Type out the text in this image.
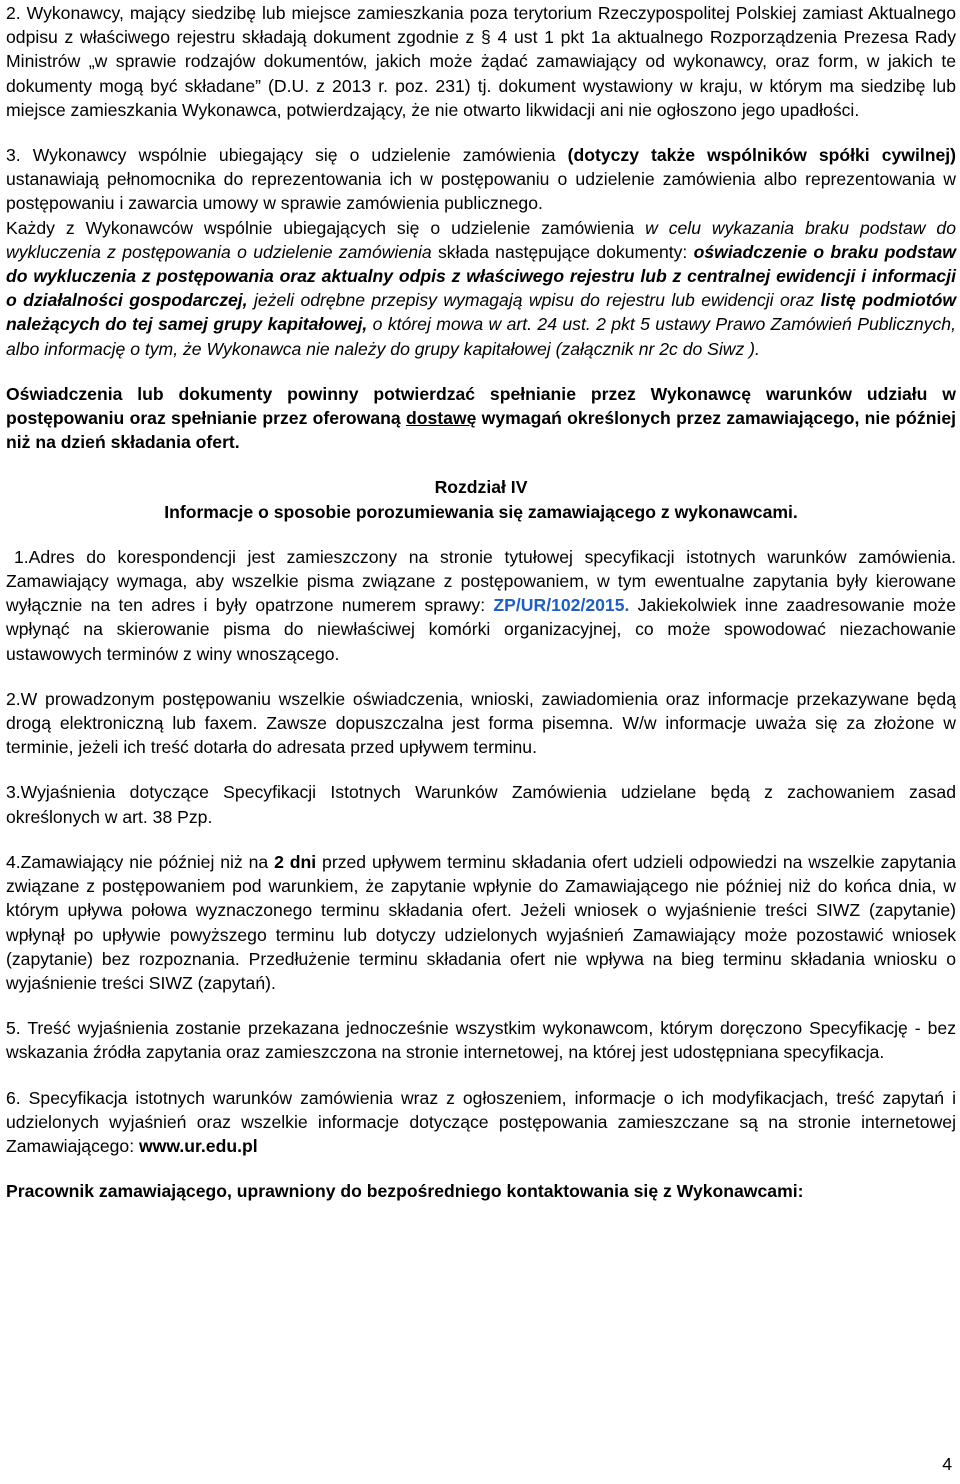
2. Wykonawcy, mający siedzibę lub miejsce zamieszkania poza terytorium Rzeczypospolitej Polskiej zamiast Aktualnego odpisu z właściwego rejestru składają dokument zgodnie z § 4 ust 1 pkt 1a aktualnego Rozporządzenia Prezesa Rady Ministrów „w sprawie rodzajów dokumentów, jakich może żądać zamawiający od wykonawcy, oraz form, w jakich te dokumenty mogą być składane” (D.U. z 2013 r. poz. 231) tj. dokument wystawiony w kraju, w którym ma siedzibę lub miejsce zamieszkania Wykonawca, potwierdzający, że nie otwarto likwidacji ani nie ogłoszono jego upadłości.

3. Wykonawcy wspólnie ubiegający się o udzielenie zamówienia (dotyczy także wspólników spółki cywilnej) ustanawiają pełnomocnika do reprezentowania ich w postępowaniu o udzielenie zamówienia albo reprezentowania w postępowaniu i zawarcia umowy w sprawie zamówienia publicznego.

Każdy z Wykonawców wspólnie ubiegających się o udzielenie zamówienia w celu wykazania braku podstaw do wykluczenia z postępowania o udzielenie zamówienia składa następujące dokumenty: oświadczenie o braku podstaw do wykluczenia z postępowania oraz aktualny odpis z właściwego rejestru lub z centralnej ewidencji i informacji o działalności gospodarczej, jeżeli odrębne przepisy wymagają wpisu do rejestru lub ewidencji oraz listę podmiotów należących do tej samej grupy kapitałowej, o której mowa w art. 24 ust. 2 pkt 5 ustawy Prawo Zamówień Publicznych, albo informację o tym, że Wykonawca nie należy do grupy kapitałowej (załącznik nr 2c do Siwz ).

Oświadczenia lub dokumenty powinny potwierdzać spełnianie przez Wykonawcę warunków udziału w postępowaniu oraz spełnianie przez oferowaną dostawę wymagań określonych przez zamawiającego, nie później niż na dzień składania ofert.

Rozdział IV

Informacje o sposobie porozumiewania się zamawiającego z wykonawcami.

1.Adres do korespondencji jest zamieszczony na stronie tytułowej specyfikacji istotnych warunków zamówienia. Zamawiający wymaga, aby wszelkie pisma związane z postępowaniem, w tym ewentualne zapytania były kierowane wyłącznie na ten adres i były opatrzone numerem sprawy: ZP/UR/102/2015. Jakiekolwiek inne zaadresowanie może wpłynąć na skierowanie pisma do niewłaściwej komórki organizacyjnej, co może spowodować niezachowanie ustawowych terminów z winy wnoszącego.

2.W prowadzonym postępowaniu wszelkie oświadczenia, wnioski, zawiadomienia oraz informacje przekazywane będą drogą elektroniczną lub faxem. Zawsze dopuszczalna jest forma pisemna. W/w informacje uważa się za złożone w terminie, jeżeli ich treść dotarła do adresata przed upływem terminu.

3.Wyjaśnienia dotyczące Specyfikacji Istotnych Warunków Zamówienia udzielane będą z zachowaniem zasad określonych w art. 38 Pzp.

4.Zamawiający nie później niż na 2 dni przed upływem terminu składania ofert udzieli odpowiedzi na wszelkie zapytania związane z postępowaniem pod warunkiem, że zapytanie wpłynie do Zamawiającego nie później niż do końca dnia, w którym upływa połowa wyznaczonego terminu składania ofert. Jeżeli wniosek o wyjaśnienie treści SIWZ (zapytanie) wpłynął po upływie powyższego terminu lub dotyczy udzielonych wyjaśnień Zamawiający może pozostawić wniosek (zapytanie) bez rozpoznania. Przedłużenie terminu składania ofert nie wpływa na bieg terminu składania wniosku o wyjaśnienie treści SIWZ (zapytań).

5. Treść wyjaśnienia zostanie przekazana jednocześnie wszystkim wykonawcom, którym doręczono Specyfikację - bez wskazania źródła zapytania oraz zamieszczona na stronie internetowej, na której jest udostępniana specyfikacja.

6. Specyfikacja istotnych warunków zamówienia wraz z ogłoszeniem, informacje o ich modyfikacjach, treść zapytań i udzielonych wyjaśnień oraz wszelkie informacje dotyczące postępowania zamieszczane są na stronie internetowej Zamawiającego: www.ur.edu.pl

Pracownik zamawiającego, uprawniony do bezpośredniego kontaktowania się z Wykonawcami:

4
